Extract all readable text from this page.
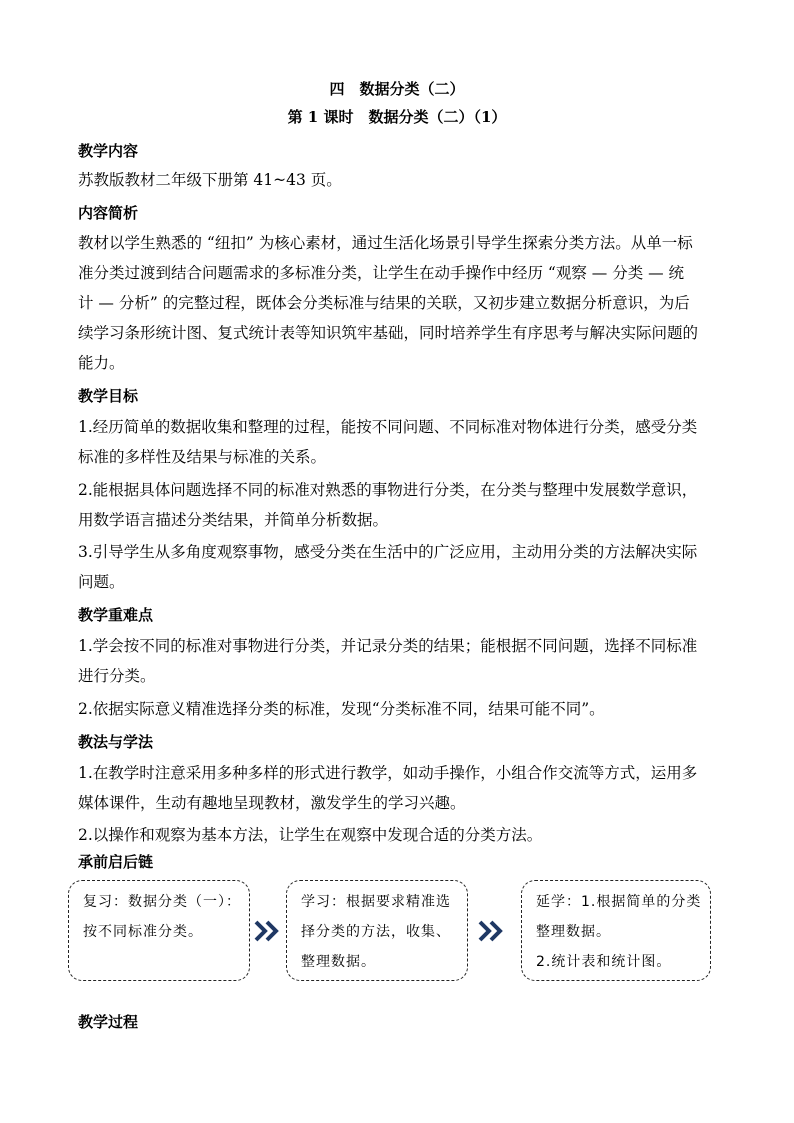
四　数据分类（二）
第 1 课时　数据分类（二）（1）
教学内容
苏教版教材二年级下册第 41~43 页。
内容简析
教材以学生熟悉的 “纽扣” 为核心素材，通过生活化场景引导学生探索分类方法。从单一标
准分类过渡到结合问题需求的多标准分类，让学生在动手操作中经历 “观察 — 分类 — 统
计 — 分析” 的完整过程，既体会分类标准与结果的关联，又初步建立数据分析意识，为后
续学习条形统计图、复式统计表等知识筑牢基础，同时培养学生有序思考与解决实际问题的
能力。
教学目标
1.经历简单的数据收集和整理的过程，能按不同问题、不同标准对物体进行分类，感受分类
标准的多样性及结果与标准的关系。
2.能根据具体问题选择不同的标准对熟悉的事物进行分类，在分类与整理中发展数学意识，
用数学语言描述分类结果，并简单分析数据。
3.引导学生从多角度观察事物，感受分类在生活中的广泛应用，主动用分类的方法解决实际
问题。
教学重难点
1.学会按不同的标准对事物进行分类，并记录分类的结果；能根据不同问题，选择不同标准
进行分类。
2.依据实际意义精准选择分类的标准，发现“分类标准不同，结果可能不同”。
教法与学法
1.在教学时注意采用多种多样的形式进行教学，如动手操作，小组合作交流等方式，运用多
媒体课件，生动有趣地呈现教材，激发学生的学习兴趣。
2.以操作和观察为基本方法，让学生在观察中发现合适的分类方法。
承前启后链
复习：数据分类（一）：
按不同标准分类。
学习：根据要求精准选
择分类的方法，收集、
整理数据。
延学：1.根据简单的分类
整理数据。
2.统计表和统计图。
教学过程
